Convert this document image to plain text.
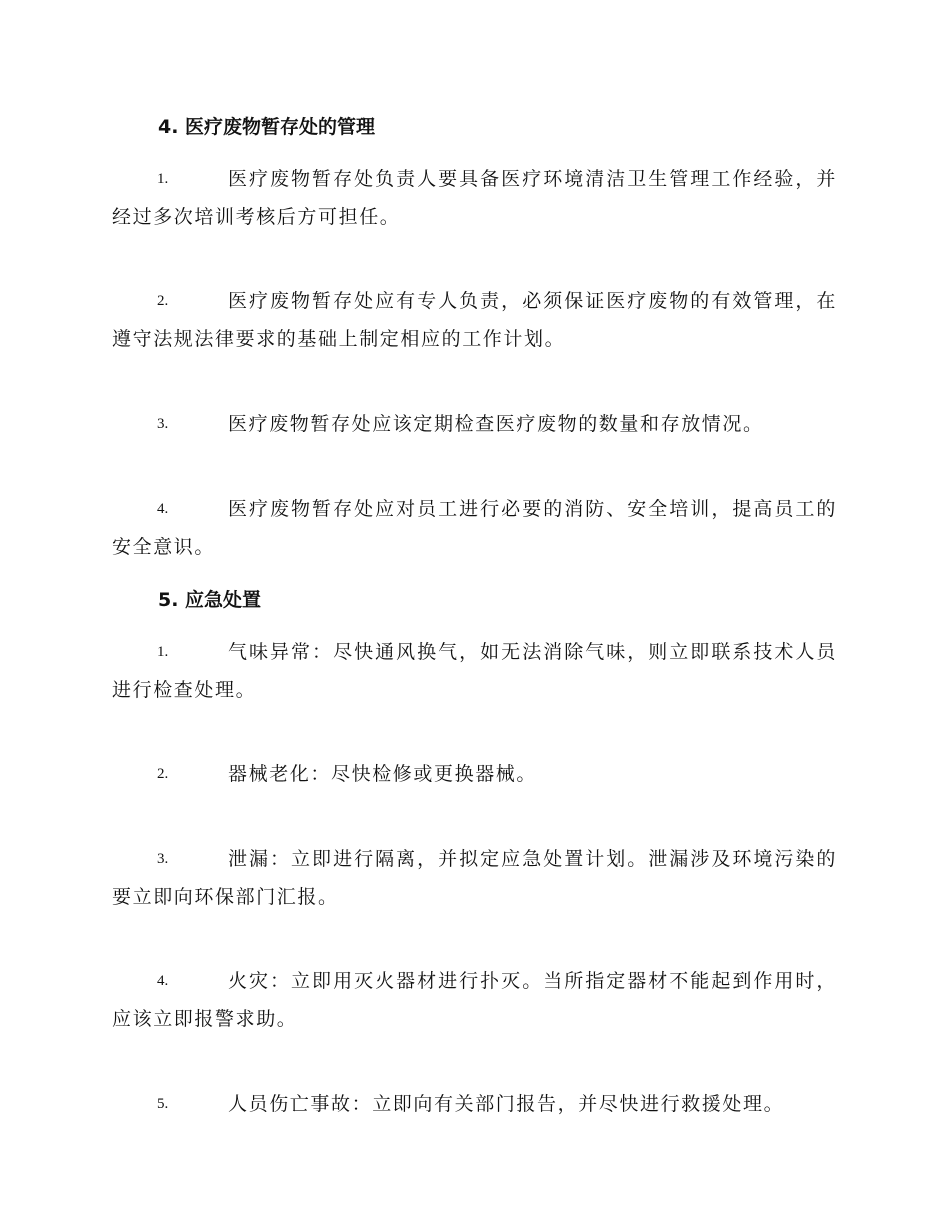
4. 医疗废物暂存处的管理
1.	医疗废物暂存处负责人要具备医疗环境清洁卫生管理工作经验，并经过多次培训考核后方可担任。
2.	医疗废物暂存处应有专人负责，必须保证医疗废物的有效管理，在遵守法规法律要求的基础上制定相应的工作计划。
3.	医疗废物暂存处应该定期检查医疗废物的数量和存放情况。
4.	医疗废物暂存处应对员工进行必要的消防、安全培训，提高员工的安全意识。
5. 应急处置
1.	气味异常：尽快通风换气，如无法消除气味，则立即联系技术人员进行检查处理。
2.	器械老化：尽快检修或更换器械。
3.	泄漏：立即进行隔离，并拟定应急处置计划。泄漏涉及环境污染的要立即向环保部门汇报。
4.	火灾：立即用灭火器材进行扑灭。当所指定器材不能起到作用时，应该立即报警求助。
5.	人员伤亡事故：立即向有关部门报告，并尽快进行救援处理。
